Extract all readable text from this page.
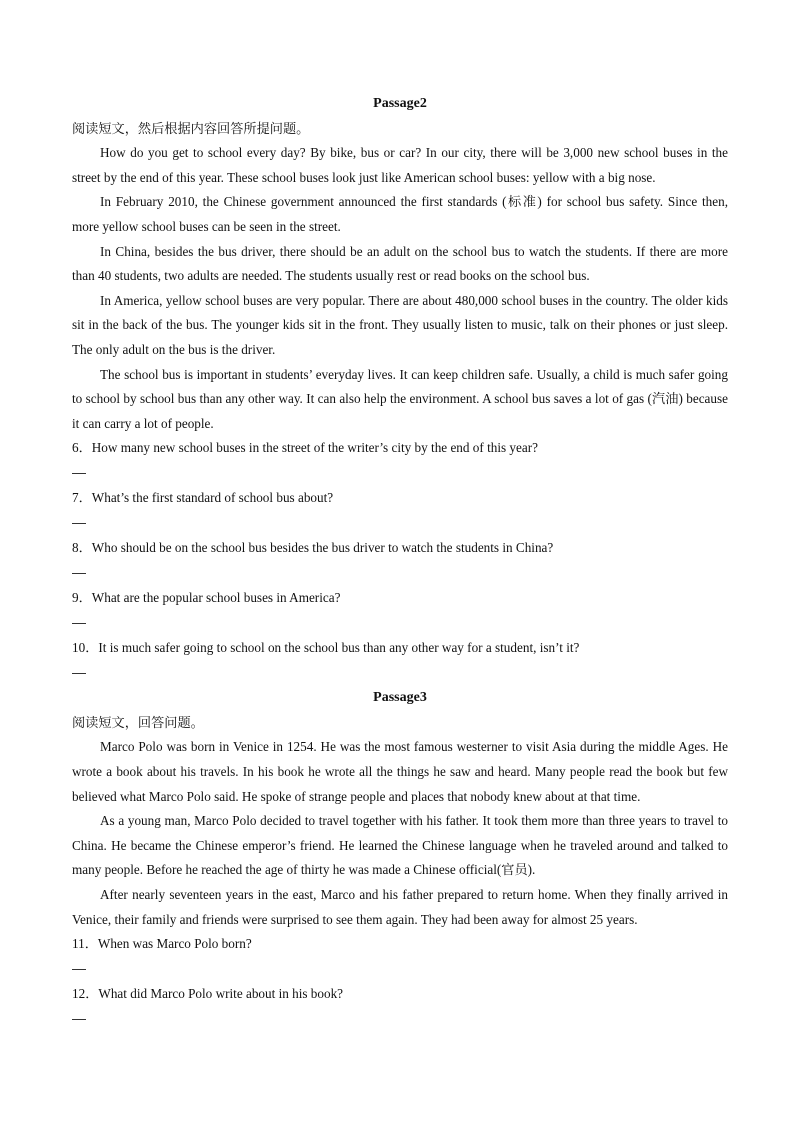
Passage2
阅读短文，然后根据内容回答所提问题。

How do you get to school every day? By bike, bus or car? In our city, there will be 3,000 new school buses in the street by the end of this year. These school buses look just like American school buses: yellow with a big nose.

In February 2010, the Chinese government announced the first standards (标准) for school bus safety. Since then, more yellow school buses can be seen in the street.

In China, besides the bus driver, there should be an adult on the school bus to watch the students. If there are more than 40 students, two adults are needed. The students usually rest or read books on the school bus.

In America, yellow school buses are very popular. There are about 480,000 school buses in the country. The older kids sit in the back of the bus. The younger kids sit in the front. They usually listen to music, talk on their phones or just sleep. The only adult on the bus is the driver.

The school bus is important in students’ everyday lives. It can keep children safe. Usually, a child is much safer going to school by school bus than any other way. It can also help the environment. A school bus saves a lot of gas (汽油) because it can carry a lot of people.

6．How many new school buses in the street of the writer’s city by the end of this year?
7．What’s the first standard of school bus about?
8．Who should be on the school bus besides the bus driver to watch the students in China?
9．What are the popular school buses in America?
10．It is much safer going to school on the school bus than any other way for a student, isn’t it?
Passage3
阅读短文，回答问题。

Marco Polo was born in Venice in 1254. He was the most famous westerner to visit Asia during the middle Ages. He wrote a book about his travels. In his book he wrote all the things he saw and heard. Many people read the book but few believed what Marco Polo said. He spoke of strange people and places that nobody knew about at that time.

As a young man, Marco Polo decided to travel together with his father. It took them more than three years to travel to China. He became the Chinese emperor’s friend. He learned the Chinese language when he traveled around and talked to many people. Before he reached the age of thirty he was made a Chinese official(官员).

After nearly seventeen years in the east, Marco and his father prepared to return home. When they finally arrived in Venice, their family and friends were surprised to see them again. They had been away for almost 25 years.

11．When was Marco Polo born?
12．What did Marco Polo write about in his book?
